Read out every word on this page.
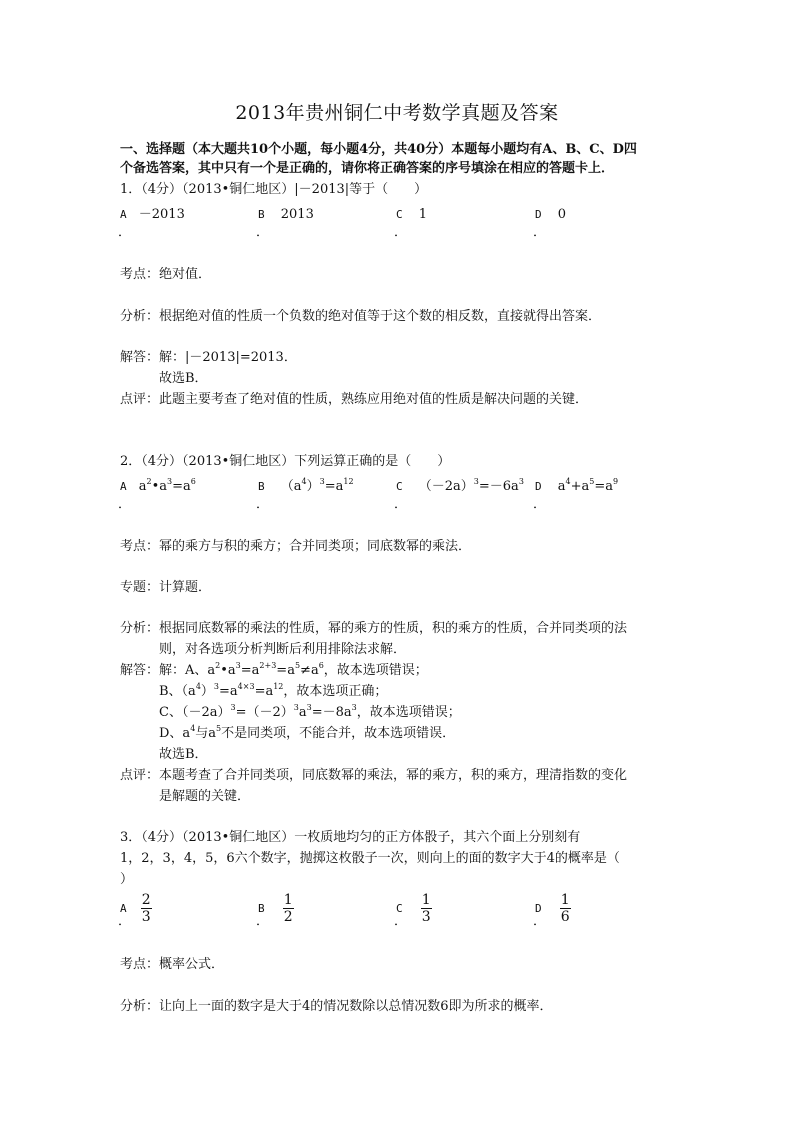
2013年贵州铜仁中考数学真题及答案
一、选择题（本大题共10个小题，每小题4分，共40分）本题每小题均有A、B、C、D四
个备选答案，其中只有一个是正确的，请你将正确答案的序号填涂在相应的答题卡上．
1．（4分）（2013•铜仁地区）|－2013|等于（　　）
A －2013	B 2013	C 1	D 0
．	．	．	．
考点：绝对值．
分析：根据绝对值的性质一个负数的绝对值等于这个数的相反数，直接就得出答案．
解答：解：|－2013|=2013．
故选B．
点评：此题主要考查了绝对值的性质，熟练应用绝对值的性质是解决问题的关键．
2．（4分）（2013•铜仁地区）下列运算正确的是（　　）
A $a^2•a^3=a^6$	B $(a^4)^3=a^{12}$	C $(-2a)^3=-6a^3$ D $a^4+a^5=a^9$
．	．	．	．
考点：幂的乘方与积的乘方；合并同类项；同底数幂的乘法．
专题：计算题．
分析：根据同底数幂的乘法的性质，幂的乘方的性质，积的乘方的性质，合并同类项的法
则，对各选项分析判断后利用排除法求解．
解答：解：A、$a^2•a^3=a^{2+3}=a^5\ne a^6$，故本选项错误；
B、$(a^4)^3=a^{4\times 3}=a^{12}$，故本选项正确；
C、$(-2a)^3=(-2)^3a^3=-8a^3$，故本选项错误；
D、$a^4$与$a^5$不是同类项，不能合并，故本选项错误．
故选B．
点评：本题考查了合并同类项，同底数幂的乘法，幂的乘方，积的乘方，理清指数的变化
是解题的关键．
3．（4分）（2013•铜仁地区）一枚质地均匀的正方体骰子，其六个面上分别刻有
1，2，3，4，5，6六个数字，抛掷这枚骰子一次，则向上的面的数字大于4的概率是（
）
A $\frac{2}{3}$	B $\frac{1}{2}$	C $\frac{1}{3}$	D $\frac{1}{6}$
．	．	．	．
考点：概率公式．
分析：让向上一面的数字是大于4的情况数除以总情况数6即为所求的概率．
